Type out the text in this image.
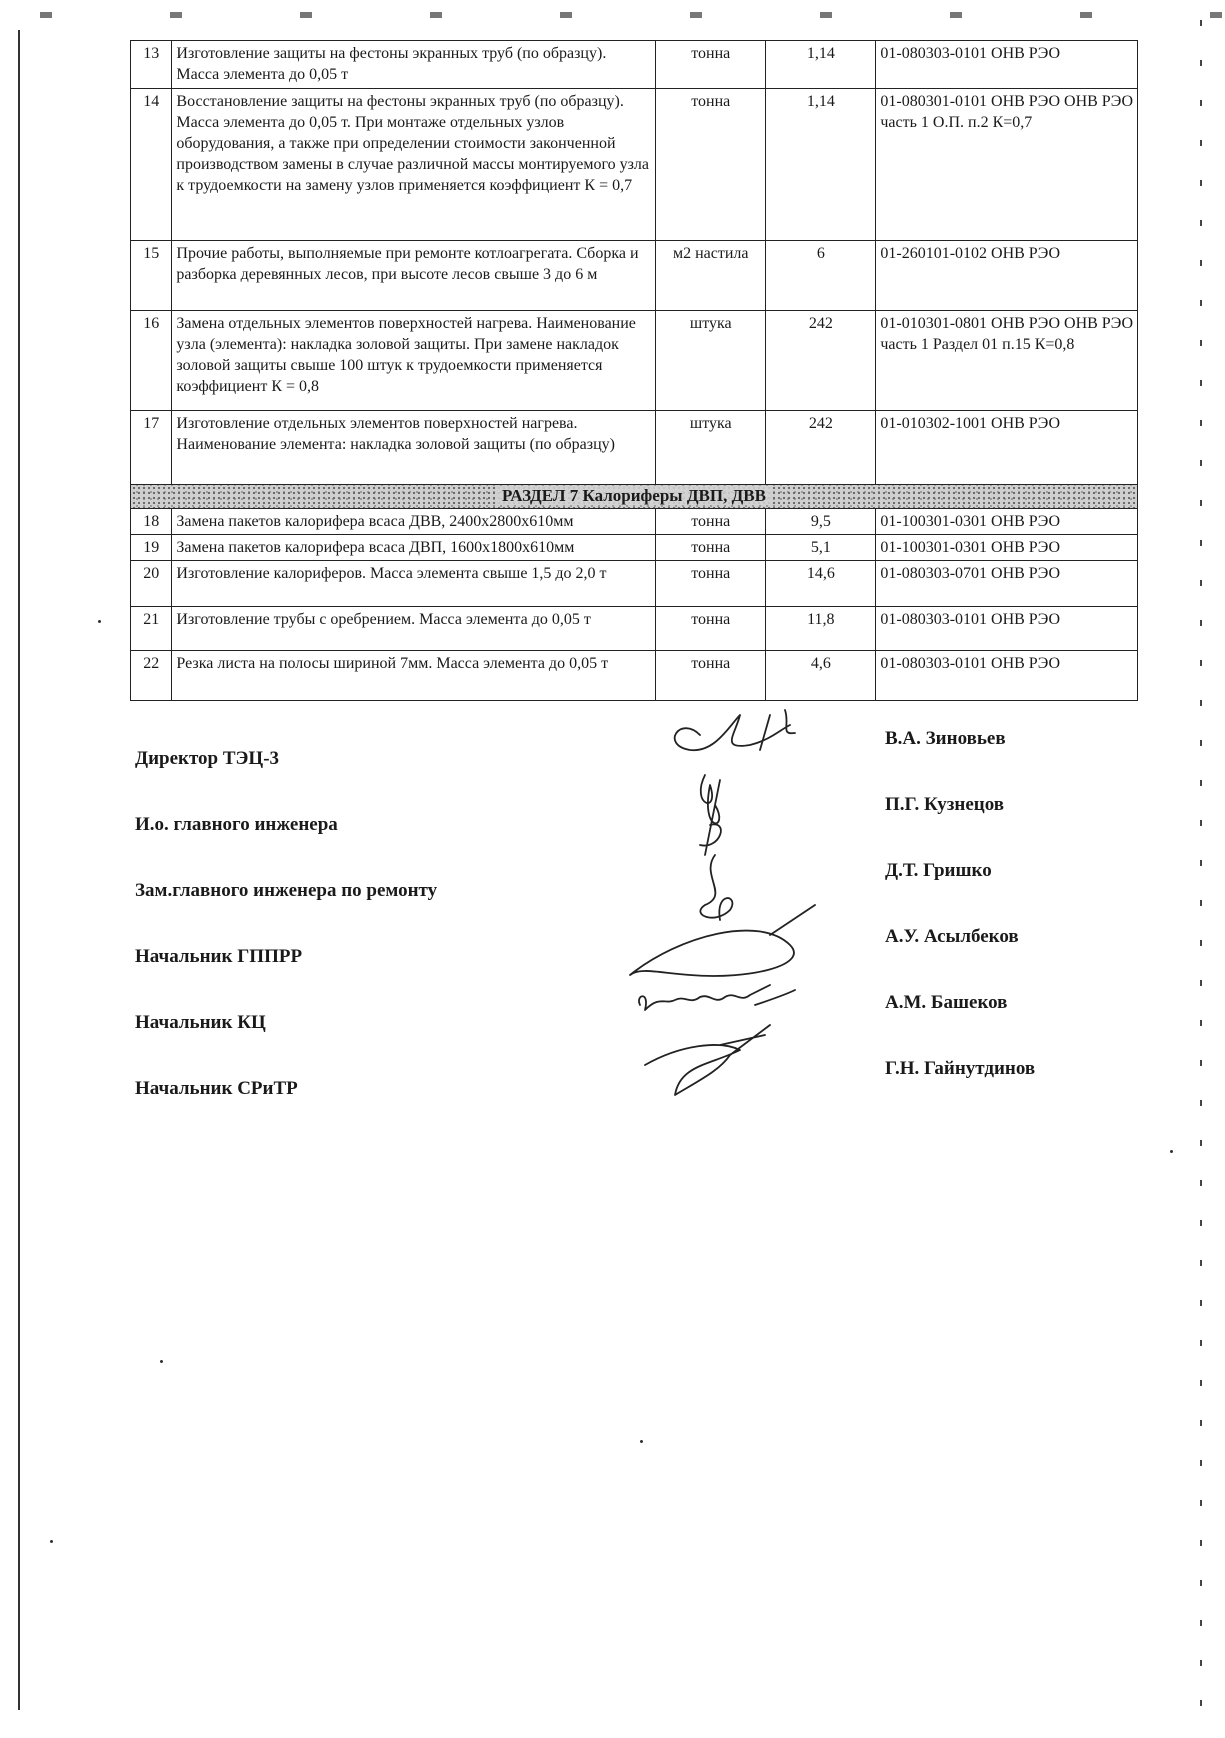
13	Изготовление защиты на фестоны экранных труб (по образцу). Масса элемента до 0,05 т	тонна	1,14	01-080303-0101 ОНВ РЭО
14	Восстановление защиты на фестоны экранных труб (по образцу). Масса элемента до 0,05 т. При монтаже отдельных узлов оборудования, а также при определении стоимости законченной производством замены в случае различной массы монтируемого узла к трудоемкости на замену узлов применяется коэффициент К = 0,7	тонна	1,14	01-080301-0101 ОНВ РЭО ОНВ РЭО часть 1 О.П. п.2 К=0,7
15	Прочие работы, выполняемые при ремонте котлоагрегата. Сборка и разборка деревянных лесов, при высоте лесов свыше 3 до 6 м	м2 настила	6	01-260101-0102 ОНВ РЭО
16	Замена отдельных элементов поверхностей нагрева. Наименование узла (элемента): накладка золовой защиты. При замене накладок золовой защиты свыше 100 штук к трудоемкости применяется коэффициент К = 0,8	штука	242	01-010301-0801 ОНВ РЭО ОНВ РЭО часть 1 Раздел 01 п.15 К=0,8
17	Изготовление отдельных элементов поверхностей нагрева. Наименование элемента: накладка золовой защиты (по образцу)	штука	242	01-010302-1001 ОНВ РЭО
РАЗДЕЛ 7 Калориферы ДВП, ДВВ				
18	Замена пакетов калорифера всаса ДВВ, 2400х2800х610мм	тонна	9,5	01-100301-0301 ОНВ РЭО
19	Замена пакетов калорифера всаса ДВП, 1600х1800х610мм	тонна	5,1	01-100301-0301 ОНВ РЭО
20	Изготовление калориферов. Масса элемента свыше 1,5 до 2,0 т	тонна	14,6	01-080303-0701 ОНВ РЭО
21	Изготовление трубы с оребрением. Масса элемента до 0,05 т	тонна	11,8	01-080303-0101 ОНВ РЭО
22	Резка листа на полосы шириной 7мм. Масса элемента до 0,05 т	тонна	4,6	01-080303-0101 ОНВ РЭО
Директор ТЭЦ-3
В.А. Зиновьев
И.о. главного инженера
П.Г. Кузнецов
Зам.главного инженера по ремонту
Д.Т. Гришко
Начальник ГППРР
А.У. Асылбеков
Начальник КЦ
А.М. Башеков
Начальник СРиТР
Г.Н. Гайнутдинов
